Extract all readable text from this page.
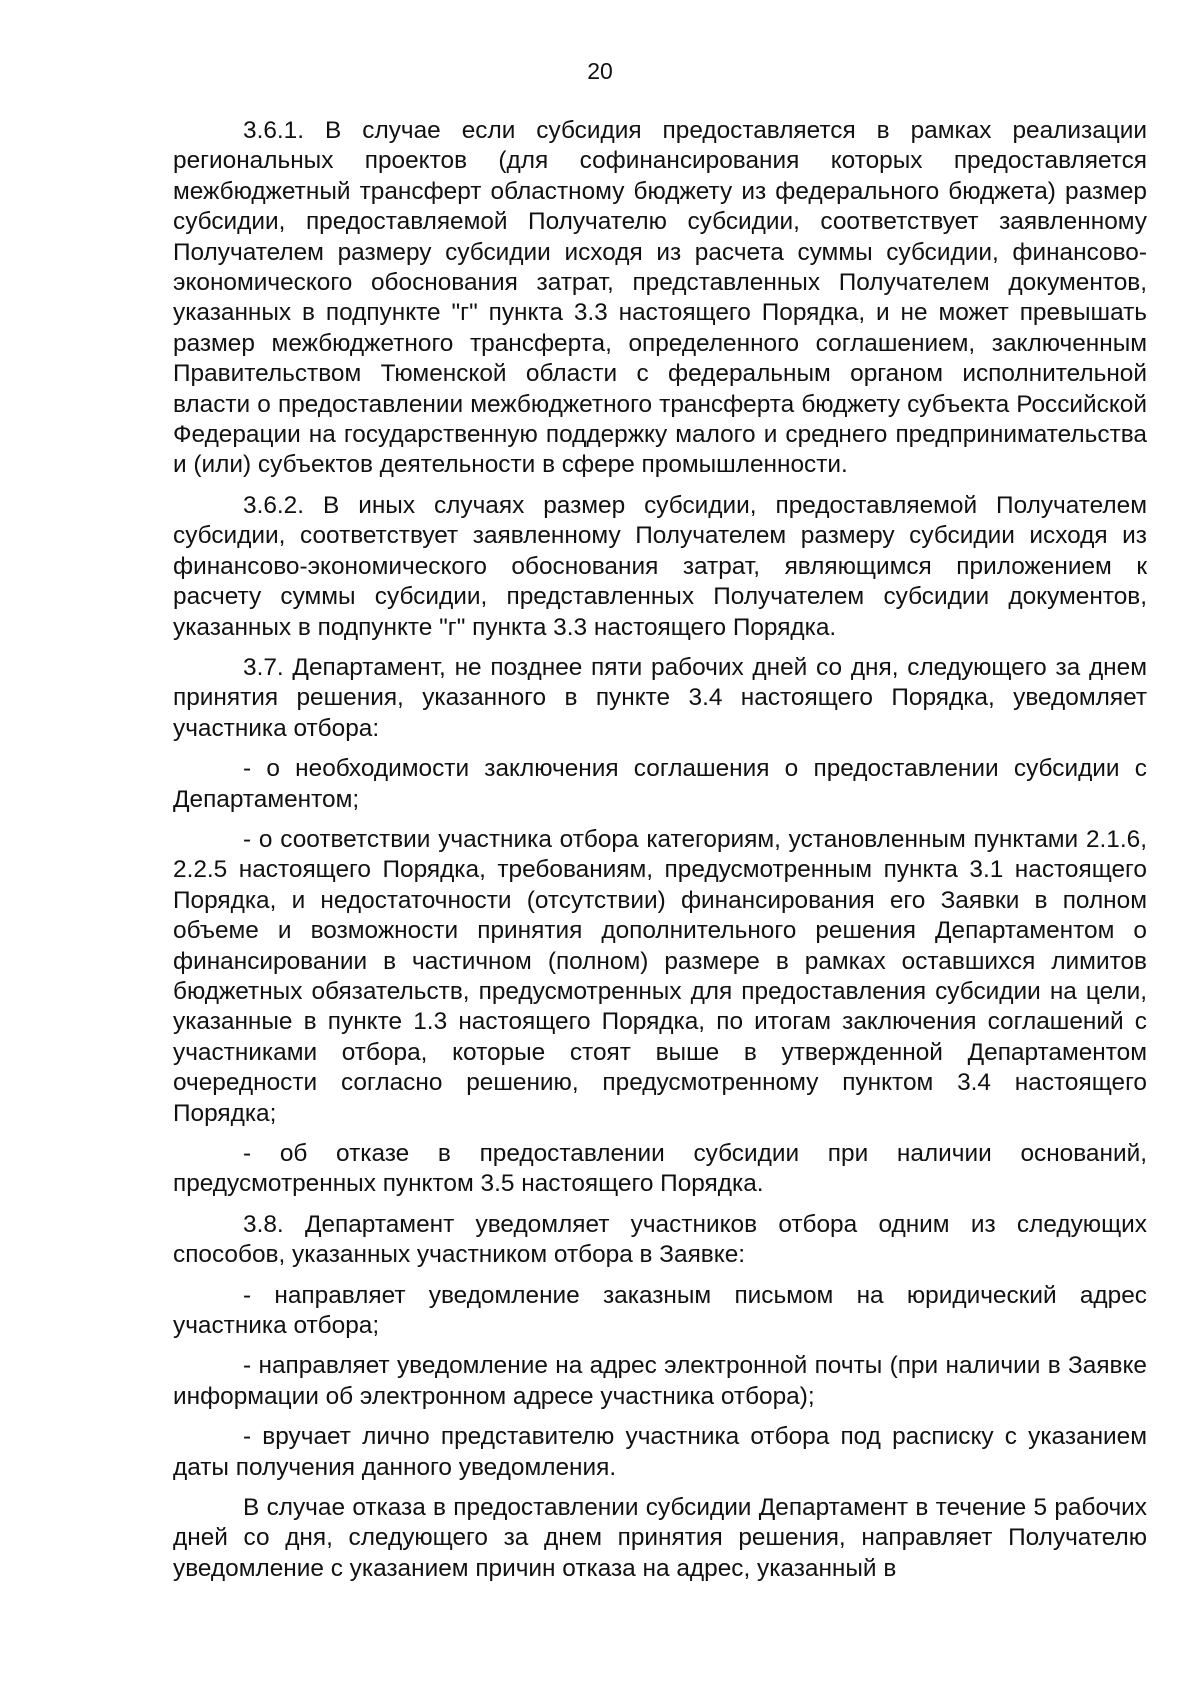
20

3.6.1. В случае если субсидия предоставляется в рамках реализации региональных проектов (для софинансирования которых предоставляется межбюджетный трансферт областному бюджету из федерального бюджета) размер субсидии, предоставляемой Получателю субсидии, соответствует заявленному Получателем размеру субсидии исходя из расчета суммы субсидии, финансово-экономического обоснования затрат, представленных Получателем документов, указанных в подпункте "г" пункта 3.3 настоящего Порядка, и не может превышать размер межбюджетного трансферта, определенного соглашением, заключенным Правительством Тюменской области с федеральным органом исполнительной власти о предоставлении межбюджетного трансферта бюджету субъекта Российской Федерации на государственную поддержку малого и среднего предпринимательства и (или) субъектов деятельности в сфере промышленности.

3.6.2. В иных случаях размер субсидии, предоставляемой Получателем субсидии, соответствует заявленному Получателем размеру субсидии исходя из финансово-экономического обоснования затрат, являющимся приложением к расчету суммы субсидии, представленных Получателем субсидии документов, указанных в подпункте "г" пункта 3.3 настоящего Порядка.

3.7. Департамент, не позднее пяти рабочих дней со дня, следующего за днем принятия решения, указанного в пункте 3.4 настоящего Порядка, уведомляет участника отбора:

- о необходимости заключения соглашения о предоставлении субсидии с Департаментом;

- о соответствии участника отбора категориям, установленным пунктами 2.1.6, 2.2.5 настоящего Порядка, требованиям, предусмотренным пункта 3.1 настоящего Порядка, и недостаточности (отсутствии) финансирования его Заявки в полном объеме и возможности принятия дополнительного решения Департаментом о финансировании в частичном (полном) размере в рамках оставшихся лимитов бюджетных обязательств, предусмотренных для предоставления субсидии на цели, указанные в пункте 1.3 настоящего Порядка, по итогам заключения соглашений с участниками отбора, которые стоят выше в утвержденной Департаментом очередности согласно решению, предусмотренному пунктом 3.4 настоящего Порядка;

- об отказе в предоставлении субсидии при наличии оснований, предусмотренных пунктом 3.5 настоящего Порядка.

3.8. Департамент уведомляет участников отбора одним из следующих способов, указанных участником отбора в Заявке:

- направляет уведомление заказным письмом на юридический адрес участника отбора;

- направляет уведомление на адрес электронной почты (при наличии в Заявке информации об электронном адресе участника отбора);

- вручает лично представителю участника отбора под расписку с указанием даты получения данного уведомления.

В случае отказа в предоставлении субсидии Департамент в течение 5 рабочих дней со дня, следующего за днем принятия решения, направляет Получателю уведомление с указанием причин отказа на адрес, указанный в
